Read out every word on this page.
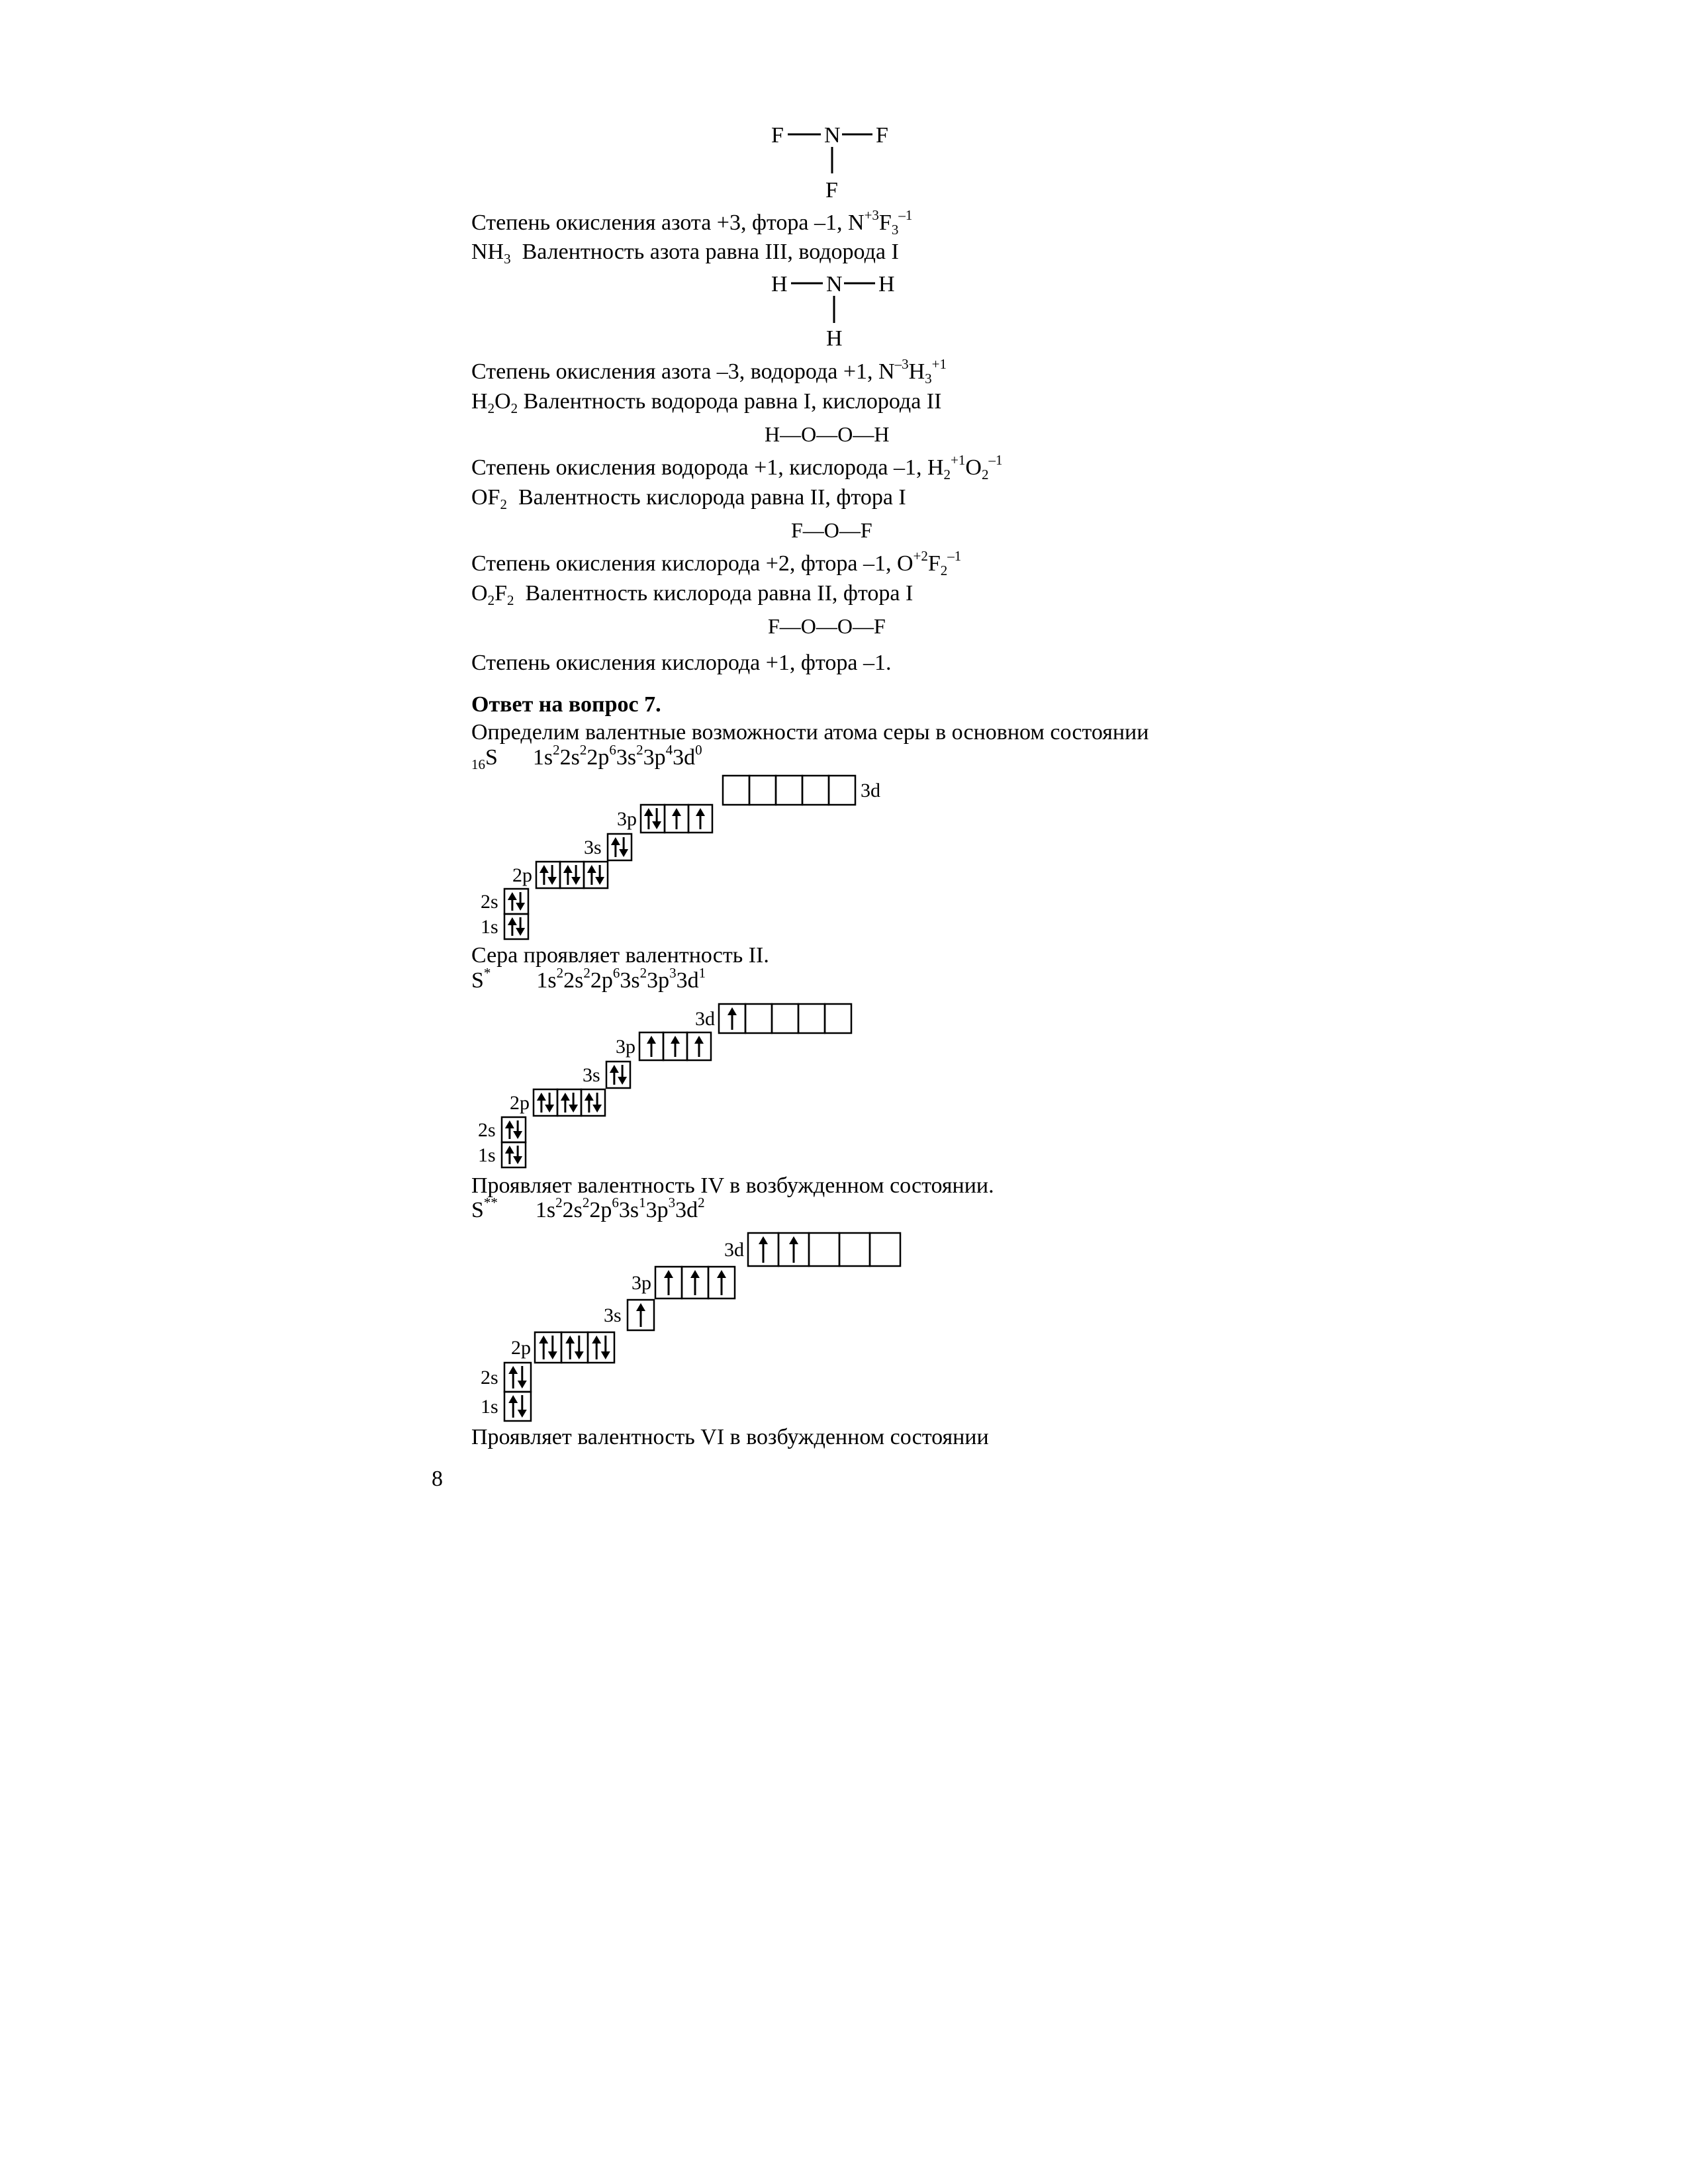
F N F
F
H N H
H
Степень окисления азота +3, фтора –1, $N^{+3}F_3^{-1}$
$NH_3$ Валентность азота равна III, водорода I
Степень окисления азота –3, водорода +1, $N^{-3}H_3^{+1}$
$H_2O_2$ Валентность водорода равна I, кислорода II
H—O—O—H
Степень окисления водорода +1, кислорода –1, $H_2^{+1}O_2^{-1}$
$OF_2$ Валентность кислорода равна II, фтора I
F—O—F
Степень окисления кислорода +2, фтора –1, $O^{+2}F_2^{-1}$
$O_2F_2$ Валентность кислорода равна II, фтора I
F—O—O—F
Степень окисления кислорода +1, фтора –1.
Ответ на вопрос 7.
Определим валентные возможности атома серы в основном состоянии
$_{16}$S $1s^22s^22p^63s^23p^43d^0$
Сера проявляет валентность II.
S* $1s^22s^22p^63s^23p^33d^1$
Проявляет валентность IV в возбужденном состоянии.
S** $1s^22s^22p^63s^13p^33d^2$
Проявляет валентность VI в возбужденном состоянии
8
1s
2s
2p
3s
3p
3d
1s
2s
2p
3s
3p
3d
1s
2s
2p
3s
3p
3d
